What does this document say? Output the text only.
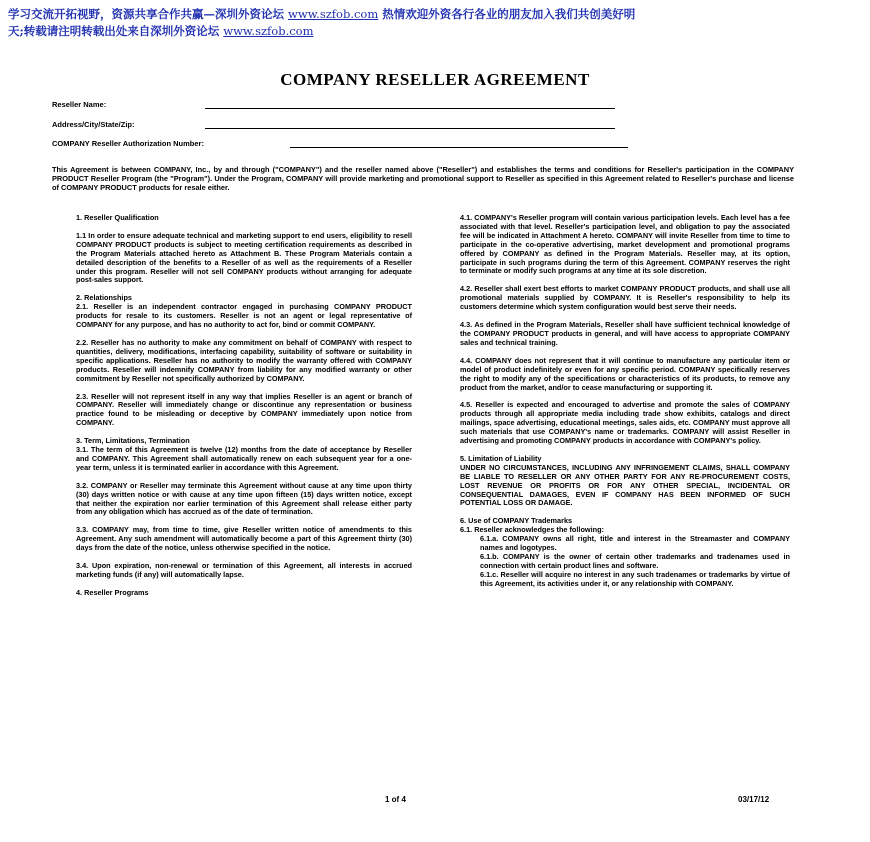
学习交流开拓视野，资源共享合作共赢—深圳外资论坛 www.szfob.com 热情欢迎外资各行各业的朋友加入我们共创美好明
天;转载请注明转载出处来自深圳外资论坛 www.szfob.com
COMPANY RESELLER AGREEMENT
Reseller Name:
Address/City/State/Zip:
COMPANY Reseller Authorization Number:
This Agreement is between COMPANY, Inc., by and through ("COMPANY") and the reseller named above ("Reseller") and establishes the terms and conditions for Reseller's participation in the COMPANY PRODUCT Reseller Program (the "Program"). Under the Program, COMPANY will provide marketing and promotional support to Reseller as specified in this Agreement related to Reseller's purchase and license of COMPANY PRODUCT products for resale either.

1. Reseller Qualification

1.1 In order to ensure adequate technical and marketing support to end users, eligibility to resell COMPANY PRODUCT products is subject to meeting certification requirements as described in the Program Materials attached hereto as Attachment B. These Program Materials contain a detailed description of the benefits to a Reseller of as well as the requirements of a Reseller under this program. Reseller will not sell COMPANY products without arranging for adequate post-sales support.

2. Relationships

2.1. Reseller is an independent contractor engaged in purchasing COMPANY PRODUCT products for resale to its customers. Reseller is not an agent or legal representative of COMPANY for any purpose, and has no authority to act for, bind or commit COMPANY.

2.2. Reseller has no authority to make any commitment on behalf of COMPANY with respect to quantities, delivery, modifications, interfacing capability, suitability of software or suitability in specific applications. Reseller has no authority to modify the warranty offered with COMPANY products. Reseller will indemnify COMPANY from liability for any modified warranty or other commitment by Reseller not specifically authorized by COMPANY.

2.3. Reseller will not represent itself in any way that implies Reseller is an agent or branch of COMPANY. Reseller will immediately change or discontinue any representation or business practice found to be misleading or deceptive by COMPANY immediately upon notice from COMPANY.

3. Term, Limitations, Termination

3.1. The term of this Agreement is twelve (12) months from the date of acceptance by Reseller and COMPANY. This Agreement shall automatically renew on each subsequent year for a one-year term, unless it is terminated earlier in accordance with this Agreement.

3.2. COMPANY or Reseller may terminate this Agreement without cause at any time upon thirty (30) days written notice or with cause at any time upon fifteen (15) days written notice, except that neither the expiration nor earlier termination of this Agreement shall release either party from any obligation which has accrued as of the date of termination.

3.3. COMPANY may, from time to time, give Reseller written notice of amendments to this Agreement. Any such amendment will automatically become a part of this Agreement thirty (30) days from the date of the notice, unless otherwise specified in the notice.

3.4. Upon expiration, non-renewal or termination of this Agreement, all interests in accrued marketing funds (if any) will automatically lapse.

4. Reseller Programs

4.1. COMPANY's Reseller program will contain various participation levels. Each level has a fee associated with that level. Reseller's participation level, and obligation to pay the associated fee will be indicated in Attachment A hereto. COMPANY will invite Reseller from time to time to participate in the co-operative advertising, market development and promotional programs offered by COMPANY as defined in the Program Materials. Reseller may, at its option, participate in such programs during the term of this Agreement. COMPANY reserves the right to terminate or modify such programs at any time at its sole discretion.

4.2. Reseller shall exert best efforts to market COMPANY PRODUCT products, and shall use all promotional materials supplied by COMPANY. It is Reseller's responsibility to help its customers determine which system configuration would best serve their needs.

4.3. As defined in the Program Materials, Reseller shall have sufficient technical knowledge of the COMPANY PRODUCT products in general, and will have access to appropriate COMPANY sales and technical training.

4.4. COMPANY does not represent that it will continue to manufacture any particular item or model of product indefinitely or even for any specific period. COMPANY specifically reserves the right to modify any of the specifications or characteristics of its products, to remove any product from the market, and/or to cease manufacturing or supporting it.

4.5. Reseller is expected and encouraged to advertise and promote the sales of COMPANY products through all appropriate media including trade show exhibits, catalogs and direct mailings, space advertising, educational meetings, sales aids, etc. COMPANY must approve all such materials that use COMPANY's name or trademarks. COMPANY will assist Reseller in advertising and promoting COMPANY products in accordance with COMPANY's policy.

5. Limitation of Liability

UNDER NO CIRCUMSTANCES, INCLUDING ANY INFRINGEMENT CLAIMS, SHALL COMPANY BE LIABLE TO RESELLER OR ANY OTHER PARTY FOR ANY RE-PROCUREMENT COSTS, LOST REVENUE OR PROFITS OR FOR ANY OTHER SPECIAL, INCIDENTAL OR CONSEQUENTIAL DAMAGES, EVEN IF COMPANY HAS BEEN INFORMED OF SUCH POTENTIAL LOSS OR DAMAGE.

6. Use of COMPANY Trademarks

6.1. Reseller acknowledges the following:

6.1.a. COMPANY owns all right, title and interest in the Streamaster and COMPANY names and logotypes.

6.1.b. COMPANY is the owner of certain other trademarks and tradenames used in connection with certain product lines and software.

6.1.c. Reseller will acquire no interest in any such tradenames or trademarks by virtue of this Agreement, its activities under it, or any relationship with COMPANY.

1 of 4	03/17/12
